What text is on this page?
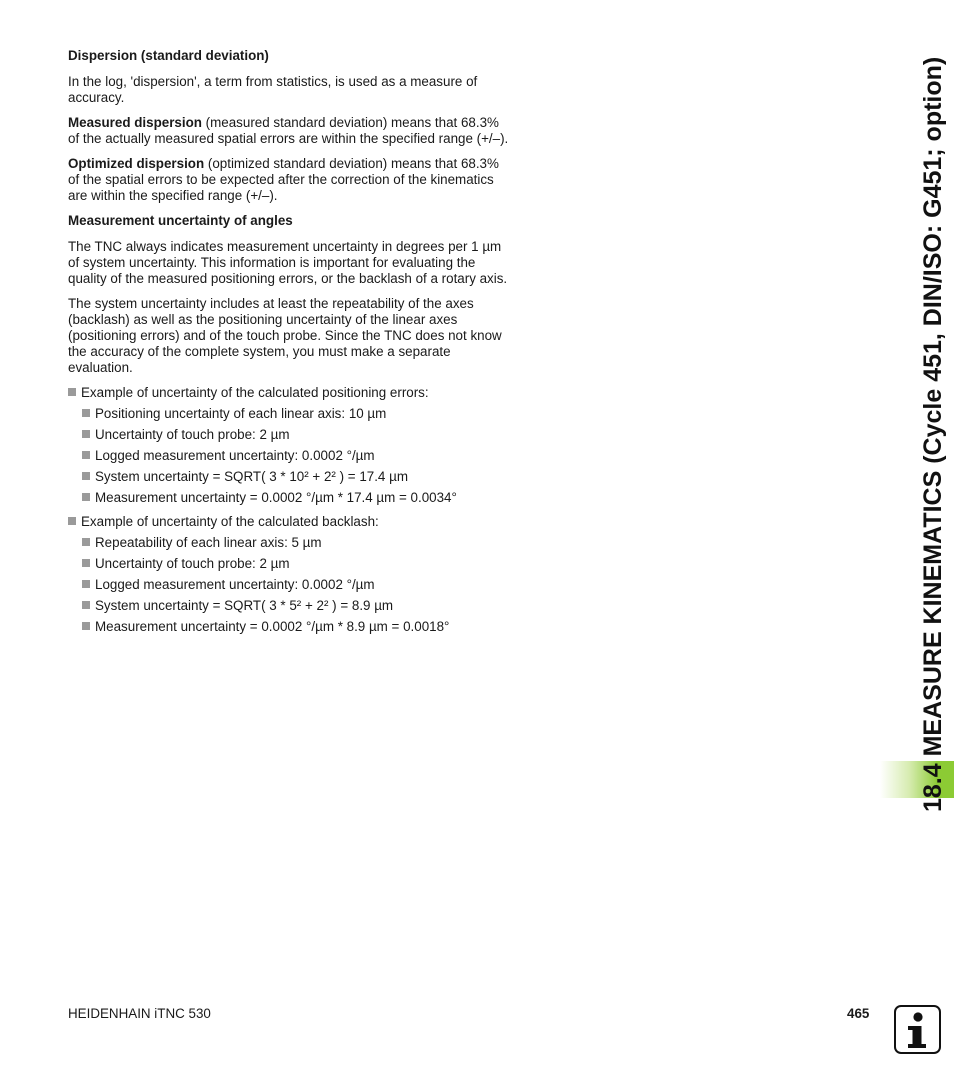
Dispersion (standard deviation)

In the log, 'dispersion', a term from statistics, is used as a measure of accuracy.

Measured dispersion (measured standard deviation) means that 68.3% of the actually measured spatial errors are within the specified range (+/–).

Optimized dispersion (optimized standard deviation) means that 68.3% of the spatial errors to be expected after the correction of the kinematics are within the specified range (+/–).

Measurement uncertainty of angles

The TNC always indicates measurement uncertainty in degrees per 1 µm of system uncertainty. This information is important for evaluating the quality of the measured positioning errors, or the backlash of a rotary axis.

The system uncertainty includes at least the repeatability of the axes (backlash) as well as the positioning uncertainty of the linear axes (positioning errors) and of the touch probe. Since the TNC does not know the accuracy of the complete system, you must make a separate evaluation.

Example of uncertainty of the calculated positioning errors:
Positioning uncertainty of each linear axis: 10 µm
Uncertainty of touch probe: 2 µm
Logged measurement uncertainty: 0.0002 °/µm
System uncertainty = SQRT( 3 * 10² + 2² ) = 17.4 µm
Measurement uncertainty = 0.0002 °/µm * 17.4 µm = 0.0034°
Example of uncertainty of the calculated backlash:
Repeatability of each linear axis: 5 µm
Uncertainty of touch probe: 2 µm
Logged measurement uncertainty: 0.0002 °/µm
System uncertainty = SQRT( 3 * 5² + 2² ) = 8.9 µm
Measurement uncertainty = 0.0002 °/µm * 8.9 µm = 0.0018°	18.4 MEASURE KINEMATICS (Cycle 451, DIN/ISO: G451; option)
HEIDENHAIN iTNC 530	465
